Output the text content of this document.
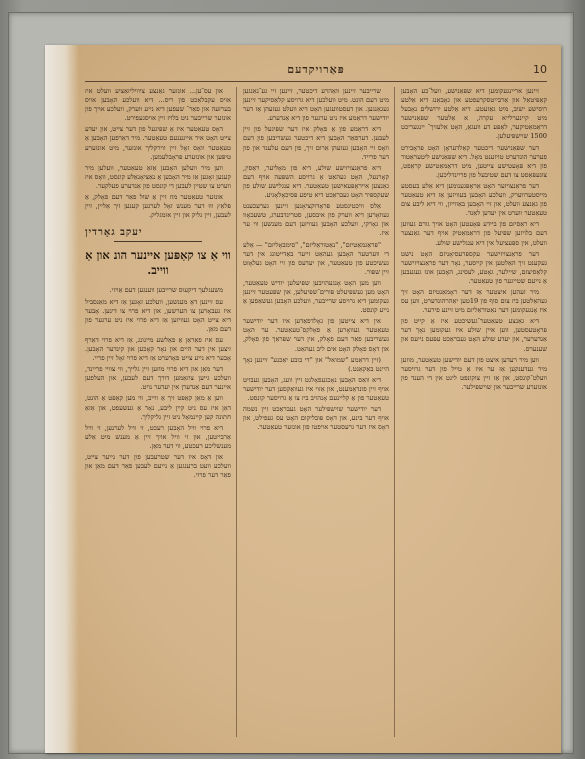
פּאַרויקדעם	10

זיינען אריינגעקומען דיא שפּאַנישע, וועל־כע האָבען קאַפּיטאַל און אַרבּייטסקרעפטע און גאָבאַנג דיא אַלטע רוסישע ישוב, מיט גאַזעטע. דיא אַלטע ירושלים נאָבעל מיט קיינערלייא עקרה, א אַלטער שפּאַנישער דראַמאַטיקער, לאַפּע דע וועגאַ, האָט אַלעזיך־ יינגעריכט 1500 שוישפּיעלען.

דער שפּאַנישער דיכטער קאַלדעראָן האָט פּראָבירט פערער הונדערט טויזענט מאָל. דיא שפּאַנישע ליטעראַטור פון דיא פּאָעטישע צייטען, מיט דראַמאַטישע קראַפט, צוגעפּאַסט צו דעם שטיבעל פון פריינדליכען.

דער פראַנצויזער האָט אַראָפּגענומען דיא אַלע בעסטע מייסטערווערק, וועלכע האָבען בעוויזען אַז דיא טעאַטער פון גאַנצע וועלט, און זיי האָבען באַווייזן, ווי דיא ליבע צום טעאַטער ווערט אין יעדען לאַנד.

דיא ראַסיזם פון ביידע פּאָעטען האָט אויך גורם געווען דעם בלויזען שפּיעל פון דראַמאַטיק אויף דער גאַנצער וועלט, אין ספּעציעל אין דיא ענגלישע שולע.

דער פראַנצויזישער עקספּרעסיאָניזם האָט נישט געקענט זיך האַלטען אין קייסער, נאָר דער פראַנצויזישער קלאַסיצזם, שיילער, גאָטע, לעסינג, האָבען אונז געגעבען אַ נייעם שטייגער פון טעאַטער.

מיר זעהען איצטער אַז דער ראָמאַנטיזם האָט זיך געהאַלטען ביז צום סוף פון 19טען יאַהרהונדערט, ווען עס איז אָנגעקומען דער נאַטוראַליזם מיט זיינע פירער.

דיא גאַנצע טעאַטער־געשיכטע איז אַ קייט פון פּראָטעסטען, ווען איין שולע איז געקומען נאָך דער אַנדערער, און יעדע שולע האָט געבראַכט עפּעס נייעס און שענערס.

ווען מיר רעדען איצט פון דעם יודישען טעאַטער, מוזען מיר געדענקען אַז ער איז אַ טייל פון דער גרויסער וועלט־קונסט, און אַז זיין צוקונפט ליגט אין די הענד פון אונזערע שרייבער און שוישפּילער.

שרייבער זיינען וואַהרע דיכטער, זיינען זיי גע־נאַנגען מיט דעם הונט. מיט וועלכען דיא גרויסע קלאַסיקער זיינען געגאַנגען. און דעסטוועגען האָט דיא וועלט געזעהן אַז דער יודישער דראַמע איז ניט ערגער פון דיא אַנדערע.

דיא דראַמע פון אַ פאָלק איז דער שפּיגעל פון זיין לעבען. דערפאַר האָבען דיא דיכטער געשריבען פון דעם וואָס זיי האָבען געזעהן אַרום זיך, פון דעם עלענד און פון דער פרייד.

דיא פראַנצויזישע שולע, דיא פון מאָליער, ראַסין, קאָרנעל, האָט געהאַט אַ גרויסע השפּעה אויף דעם גאַנצען אייראָפּעאישען טעאַטער. דיא ענגלישע שולע פון שעקספּיר האָט געבראַכט דיא טיפע פּסיכאָלאָגיע.

אַלס וויכטיגסטע פּראָדוקציאָנען זיינען גערעכענט געוואָרען דיא ווערק פון איבסען, סטרינדבערג, טשעכאָוו און גאָרקי, וועלכע האָבען געוויזען דעם מענשען ווי ער איז.

"פּראַגמאַטיזם", "נאַטוראַליזם", "סימבאָליזם" — אַלע די ווערטער האָבען געהאַט זייער באַדייטונג אין דער געשיכטע פון טעאַטער, און יעדעס פון זיי האָט געלאָזט זיין שפּור.

ווען מען האָט אָנגעהויבען שפּיעלען יודיש טעאַטער, האָט מען געשפּיעלט פּורים־שפּיעלען, און שפּעטער זיינען געקומען דיא גרויסע שרייבער, וועלכע האָבען געשאַפען אַ נייע קונסט.

אין דיא צייטען פון גאָלדפאַדען איז דער יודישער טעאַטער געוואָרען אַ פאָלקס־טעאַטער. ער האָט געשריבען פאַר דעם פאָלק, אין דער שפּראַך פון פאָלק, און דאָס פאָלק האָט אים ליב געהאַט.

(זיין דראַמע "שמואל" און "די בובע יאַכנע" זיינען נאָך היינט באַקאַנט.)

דיא וואַס האָבען נאָכגעפאָלגט זיין וועג, האָבען געבויט אויף זיין פונדאַמענט, און אַזוי איז געוואַקסען דער יודישער טעאַטער פון אַ קליינעם אָנהויב ביז צו אַ גרויסער קונסט.

דער יודישער שוישפּילער האָט געבראַכט זיין נשמה אויף דער בינע, און דאָס פּובליקום האָט עס געפילט, און דאָס איז דער גרעסטער אויפטו פון אונזער טעאַטער.

און עס־ען... אונזער גאַנצע ציוויליזאַציע וועלט איז אויס עקבלאַכט פון ריס... דיא וועלכע האָבען אויס בערזעה און פאַר־ שעפען דיא נייע ווערק, וועלכע אויך פון אונזער שרייבער ניט בלויז זיין אויסגעפירט.

דאָס טעאַטער איז אַ שפּיגעל פון דער צייט, און יעדע צייט האָט איר אייגענעם טעאַטער. מיר דאַרפען האָבען אַ טעאַטער וואָס זאָל זיין ווירקליך אונזער, מיט אונזערע טיפּען און אונזערע פּראָבלעמען.

ווען מיר וועלען האָבען אַזאַ טעאַטער, וועלען מיר קענען זאָגען אַז מיר האָבען אַ נאַציאָנאַלע קונסט, וואָס איז ווערט צו שטיין לעבען די קונסט פון אַנדערע פעלקער.

אונזער טעאַטער מוז זיין אַ שול פאַר דעם פאָלק, אַ פּלאַץ וווּ דער מענש זאָל לערנען קענען זיך אַליין, זיין לעבען, זיין גליק און זיין אומגליק.

יעקב גאָרדין
ווי אַ צו קאַפּען איינער הונ און אַ ווייב.

משעגלעך דיקעוס שרייבען ווענגען דעם אַויזי.

עס זיינען דאָ מענשען, וועלכע זאָגען אַז דיא מאַנסביל איז געבאָרען צו הערשען, און דיא פרוי צו דינען. אָבער דיא צייט האָט געוויזען אַז דיא פרוי איז ניט ערגער פון דעם מאַן.

עס איז פאַראַן אַ פאַלשע מיינונג, אַז דיא פרוי דאַרף זיצען אין דער היים און נאָר קאָכען און קינדער האָבען. אָבער דיא נייע צייט פאָדערט אַז דיא פרוי זאָל זיין פריי.

דער מאַן און דיא פרוי מוזען זיין גלייך, ווי צוויי פריינד, וועלכע גייען צוזאַמען דורך דעם לעבען, און העלפען איינער דעם אַנדערן אין יעדער נויט.

ווען אַ מאַן קאַפּט זיך אַ ווייב, ווי מען קאַפּט אַ הונט, דאַן איז עס ניט קיין ליבע, נאָר אַ געשעפט, און אַזאַ חתונה קען קיינמאָל ניט זיין גליקליך.

דיא פרוי וויל האָבען רעכט, זי וויל לערנען, זי וויל אַרבייטען, און זי וויל אויך זיין אַ מענש מיט אַלע מענשליכע רעכטע, ווי דער מאַן.

און דאָס איז דער שטרעבען פון דער נייער צייט, וועלכע וועט ברענגען אַ נייעם לעבען פאַר דעם מאַן און פאַר דער פרוי.
